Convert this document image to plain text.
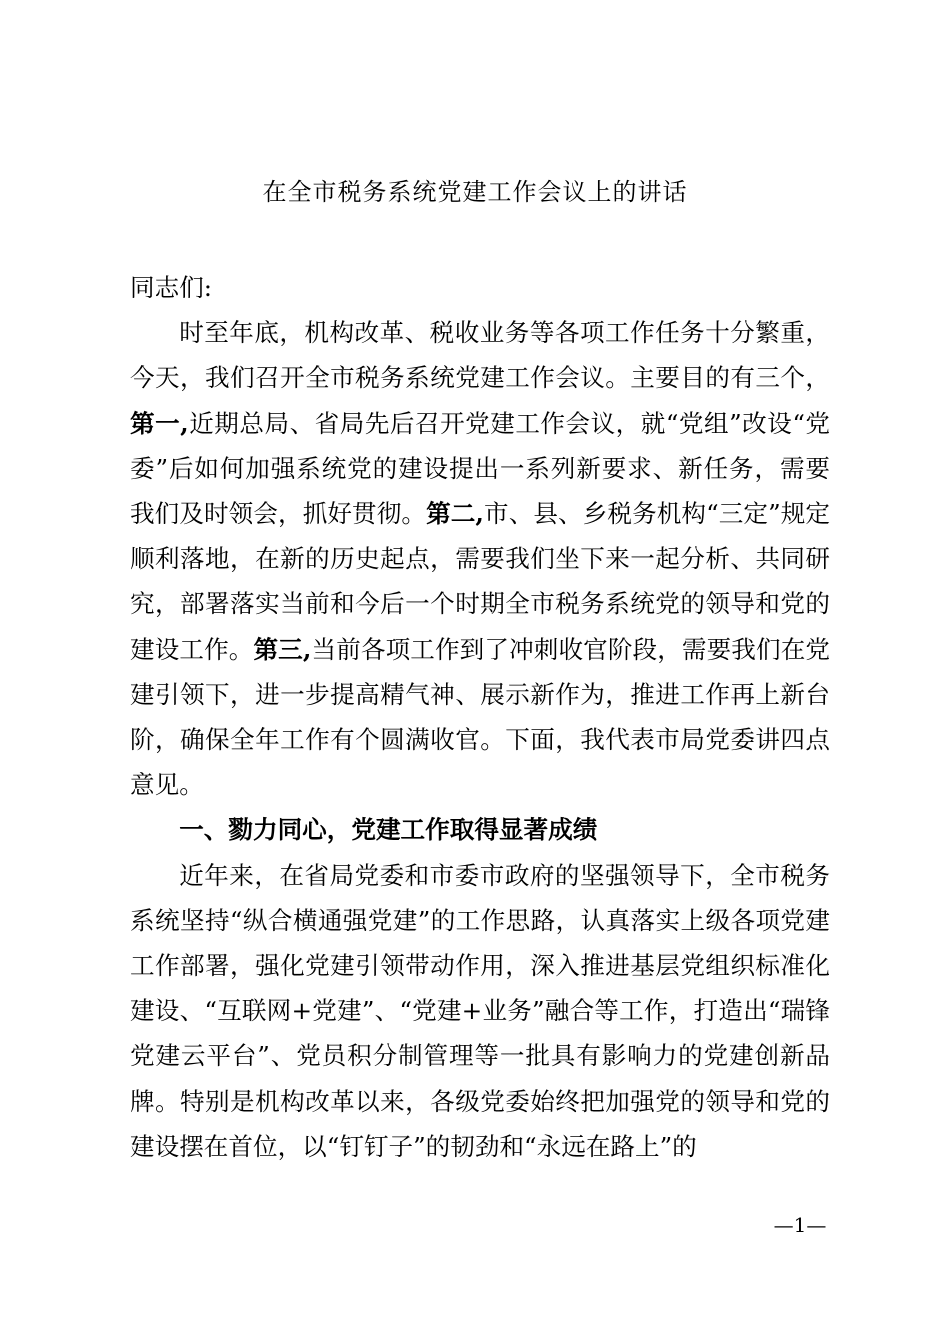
在全市税务系统党建工作会议上的讲话

同志们:

时至年底，机构改革、税收业务等各项工作任务十分繁重，今天，我们召开全市税务系统党建工作会议。主要目的有三个，第一,近期总局、省局先后召开党建工作会议，就“党组”改设“党委”后如何加强系统党的建设提出一系列新要求、新任务，需要我们及时领会，抓好贯彻。第二,市、县、乡税务机构“三定”规定顺利落地，在新的历史起点，需要我们坐下来一起分析、共同研究，部署落实当前和今后一个时期全市税务系统党的领导和党的建设工作。第三,当前各项工作到了冲刺收官阶段，需要我们在党建引领下，进一步提高精气神、展示新作为，推进工作再上新台阶，确保全年工作有个圆满收官。下面，我代表市局党委讲四点意见。

一、勠力同心，党建工作取得显著成绩

近年来，在省局党委和市委市政府的坚强领导下，全市税务系统坚持“纵合横通强党建”的工作思路，认真落实上级各项党建工作部署，强化党建引领带动作用，深入推进基层党组织标准化建设、“互联网+党建”、“党建+业务”融合等工作，打造出“瑞锋党建云平台”、党员积分制管理等一批具有影响力的党建创新品牌。特别是机构改革以来，各级党委始终把加强党的领导和党的建设摆在首位，以“钉钉子”的韧劲和“永远在路上”的

—1—
